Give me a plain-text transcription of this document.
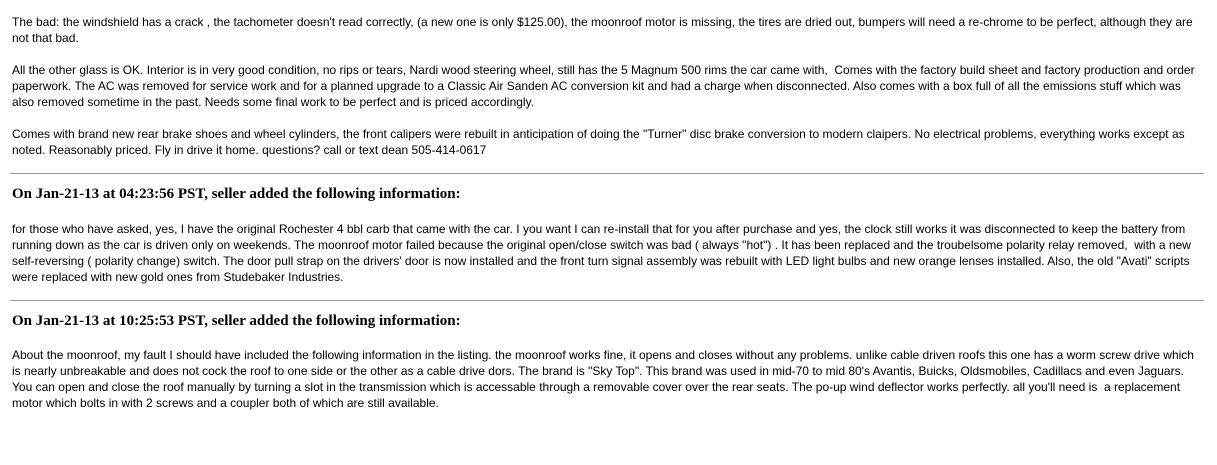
The bad: the windshield has a crack , the tachometer doesn't read correctly, (a new one is only $125.00), the moonroof motor is missing, the tires are dried out, bumpers will need a re-chrome to be perfect, although they are not that bad.

All the other glass is OK. Interior is in very good condition, no rips or tears, Nardi wood steering wheel, still has the 5 Magnum 500 rims the car came with,  Comes with the factory build sheet and factory production and order paperwork. The AC was removed for service work and for a planned upgrade to a Classic Air Sanden AC conversion kit and had a charge when disconnected. Also comes with a box full of all the emissions stuff which was also removed sometime in the past. Needs some final work to be perfect and is priced accordingly.

Comes with brand new rear brake shoes and wheel cylinders, the front calipers were rebuilt in anticipation of doing the "Turner" disc brake conversion to modern claipers. No electrical problems, everything works except as noted. Reasonably priced. Fly in drive it home. questions? call or text dean 505-414-0617

On Jan-21-13 at 04:23:56 PST, seller added the following information:

for those who have asked, yes, I have the original Rochester 4 bbl carb that came with the car. I you want I can re-install that for you after purchase and yes, the clock still works it was disconnected to keep the battery from running down as the car is driven only on weekends. The moonroof motor failed because the original open/close switch was bad ( always "hot") . It has been replaced and the troubelsome polarity relay removed,  with a new self-reversing ( polarity change) switch. The door pull strap on the drivers' door is now installed and the front turn signal assembly was rebuilt with LED light bulbs and new orange lenses installed. Also, the old "Avati" scripts were replaced with new gold ones from Studebaker Industries.

On Jan-21-13 at 10:25:53 PST, seller added the following information:

About the moonroof, my fault I should have included the following information in the listing. the moonroof works fine, it opens and closes without any problems. unlike cable driven roofs this one has a worm screw drive which is nearly unbreakable and does not cock the roof to one side or the other as a cable drive dors. The brand is "Sky Top". This brand was used in mid-70 to mid 80's Avantis, Buicks, Oldsmobiles, Cadillacs and even Jaguars. You can open and close the roof manually by turning a slot in the transmission which is accessable through a removable cover over the rear seats. The po-up wind deflector works perfectly. all you'll need is  a replacement motor which bolts in with 2 screws and a coupler both of which are still available.
